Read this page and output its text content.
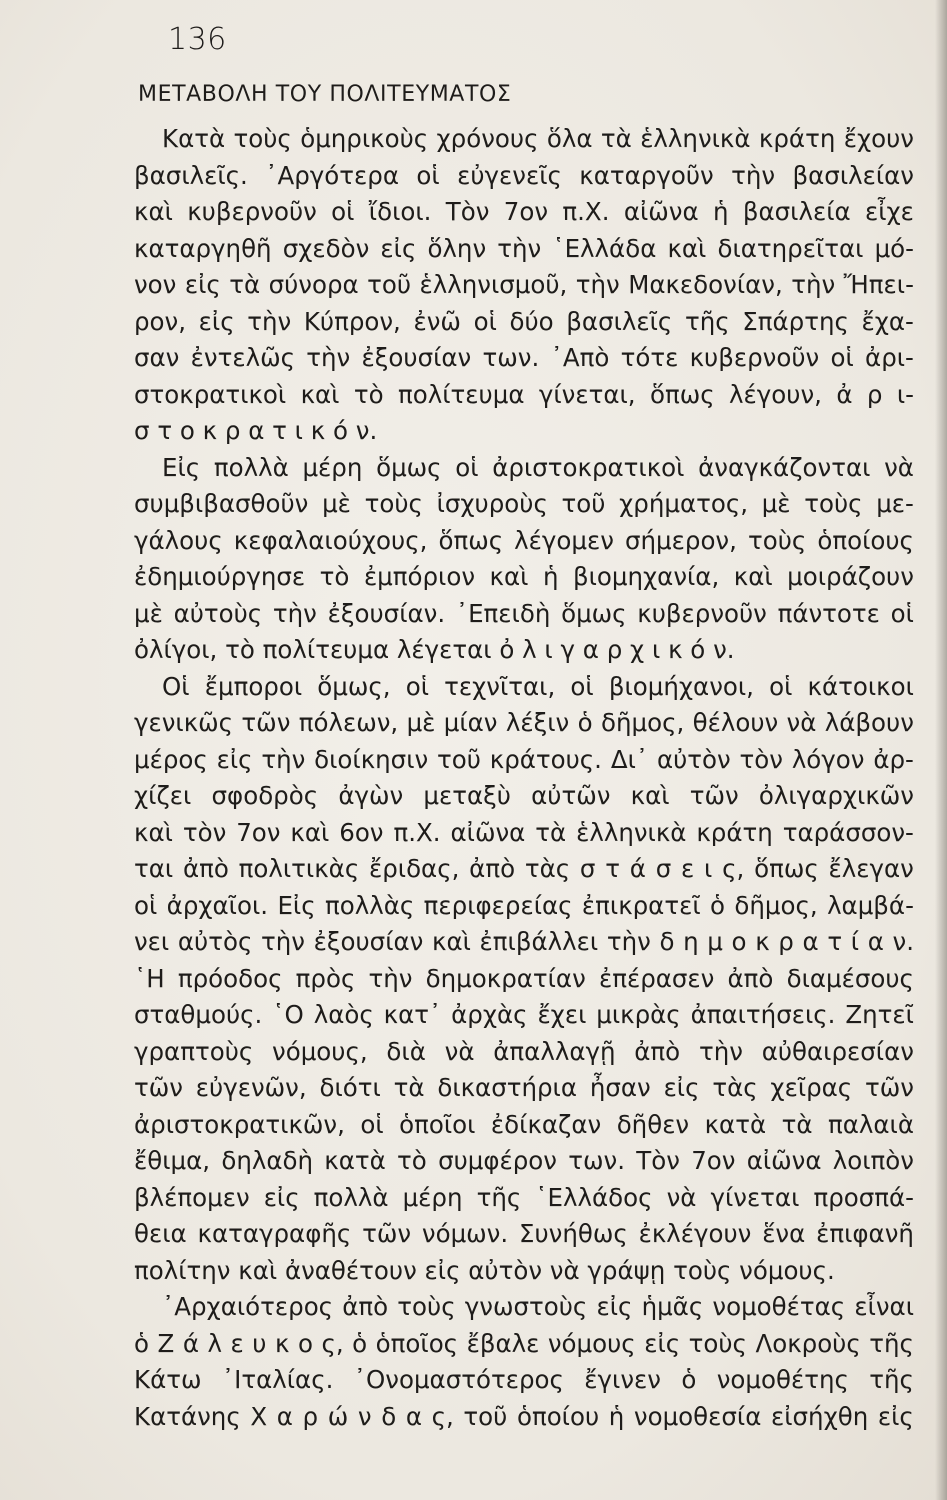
136
ΜΕΤΑΒΟΛΗ ΤΟΥ ΠΟΛΙΤΕΥΜΑΤΟΣ
Κατὰ τοὺς ὁμηρικοὺς χρόνους ὅλα τὰ ἑλληνικὰ κράτη ἔχουν
βασιλεῖς. ᾿Αργότερα οἱ εὐγενεῖς καταργοῦν τὴν βασιλείαν
καὶ κυβερνοῦν οἱ ἴδιοι. Τὸν 7ον π.Χ. αἰῶνα ἡ βασιλεία εἶχε
καταργηθῆ σχεδὸν εἰς ὅλην τὴν ῾Ελλάδα καὶ διατηρεῖται μό-
νον εἰς τὰ σύνορα τοῦ ἑλληνισμοῦ, τὴν Μακεδονίαν, τὴν Ἤπει-
ρον, εἰς τὴν Κύπρον, ἐνῶ οἱ δύο βασιλεῖς τῆς Σπάρτης ἔχα-
σαν ἐντελῶς τὴν ἐξουσίαν των. ᾿Απὸ τότε κυβερνοῦν οἱ ἀρι-
στοκρατικοὶ καὶ τὸ πολίτευμα γίνεται, ὅπως λέγουν, ἀ ρ ι-
σ τ ο κ ρ α τ ι κ ό ν.
Εἰς πολλὰ μέρη ὅμως οἱ ἀριστοκρατικοὶ ἀναγκάζονται νὰ
συμβιβασθοῦν μὲ τοὺς ἰσχυροὺς τοῦ χρήματος, μὲ τοὺς με-
γάλους κεφαλαιούχους, ὅπως λέγομεν σήμερον, τοὺς ὁποίους
ἐδημιούργησε τὸ ἐμπόριον καὶ ἡ βιομηχανία, καὶ μοιράζουν
μὲ αὐτοὺς τὴν ἐξουσίαν. ᾿Επειδὴ ὅμως κυβερνοῦν πάντοτε οἱ
ὀλίγοι, τὸ πολίτευμα λέγεται ὀ λ ι γ α ρ χ ι κ ό ν.
Οἱ ἔμποροι ὅμως, οἱ τεχνῖται, οἱ βιομήχανοι, οἱ κάτοικοι
γενικῶς τῶν πόλεων, μὲ μίαν λέξιν ὁ δῆμος, θέλουν νὰ λάβουν
μέρος εἰς τὴν διοίκησιν τοῦ κράτους. Δι᾿ αὐτὸν τὸν λόγον ἀρ-
χίζει σφοδρὸς ἀγὼν μεταξὺ αὐτῶν καὶ τῶν ὀλιγαρχικῶν
καὶ τὸν 7ον καὶ 6ον π.Χ. αἰῶνα τὰ ἑλληνικὰ κράτη ταράσσον-
ται ἀπὸ πολιτικὰς ἔριδας, ἀπὸ τὰς σ τ ά σ ε ι ς, ὅπως ἔλεγαν
οἱ ἀρχαῖοι. Εἰς πολλὰς περιφερείας ἐπικρατεῖ ὁ δῆμος, λαμβά-
νει αὐτὸς τὴν ἐξουσίαν καὶ ἐπιβάλλει τὴν δ η μ ο κ ρ α τ ί α ν.
῾Η πρόοδος πρὸς τὴν δημοκρατίαν ἐπέρασεν ἀπὸ διαμέσους
σταθμούς. ῾Ο λαὸς κατ᾿ ἀρχὰς ἔχει μικρὰς ἀπαιτήσεις. Ζητεῖ
γραπτοὺς νόμους, διὰ νὰ ἀπαλλαγῇ ἀπὸ τὴν αὐθαιρεσίαν
τῶν εὐγενῶν, διότι τὰ δικαστήρια ἦσαν εἰς τὰς χεῖρας τῶν
ἀριστοκρατικῶν, οἱ ὁποῖοι ἐδίκαζαν δῆθεν κατὰ τὰ παλαιὰ
ἔθιμα, δηλαδὴ κατὰ τὸ συμφέρον των. Τὸν 7ον αἰῶνα λοιπὸν
βλέπομεν εἰς πολλὰ μέρη τῆς ῾Ελλάδος νὰ γίνεται προσπά-
θεια καταγραφῆς τῶν νόμων. Συνήθως ἐκλέγουν ἕνα ἐπιφανῆ
πολίτην καὶ ἀναθέτουν εἰς αὐτὸν νὰ γράψῃ τοὺς νόμους.
᾿Αρχαιότερος ἀπὸ τοὺς γνωστοὺς εἰς ἡμᾶς νομοθέτας εἶναι
ὁ Ζ ά λ ε υ κ ο ς, ὁ ὁποῖος ἔβαλε νόμους εἰς τοὺς Λοκροὺς τῆς
Κάτω ᾿Ιταλίας. ᾿Ονομαστότερος ἔγινεν ὁ νομοθέτης τῆς
Κατάνης Χ α ρ ώ ν δ α ς, τοῦ ὁποίου ἡ νομοθεσία εἰσήχθη εἰς
